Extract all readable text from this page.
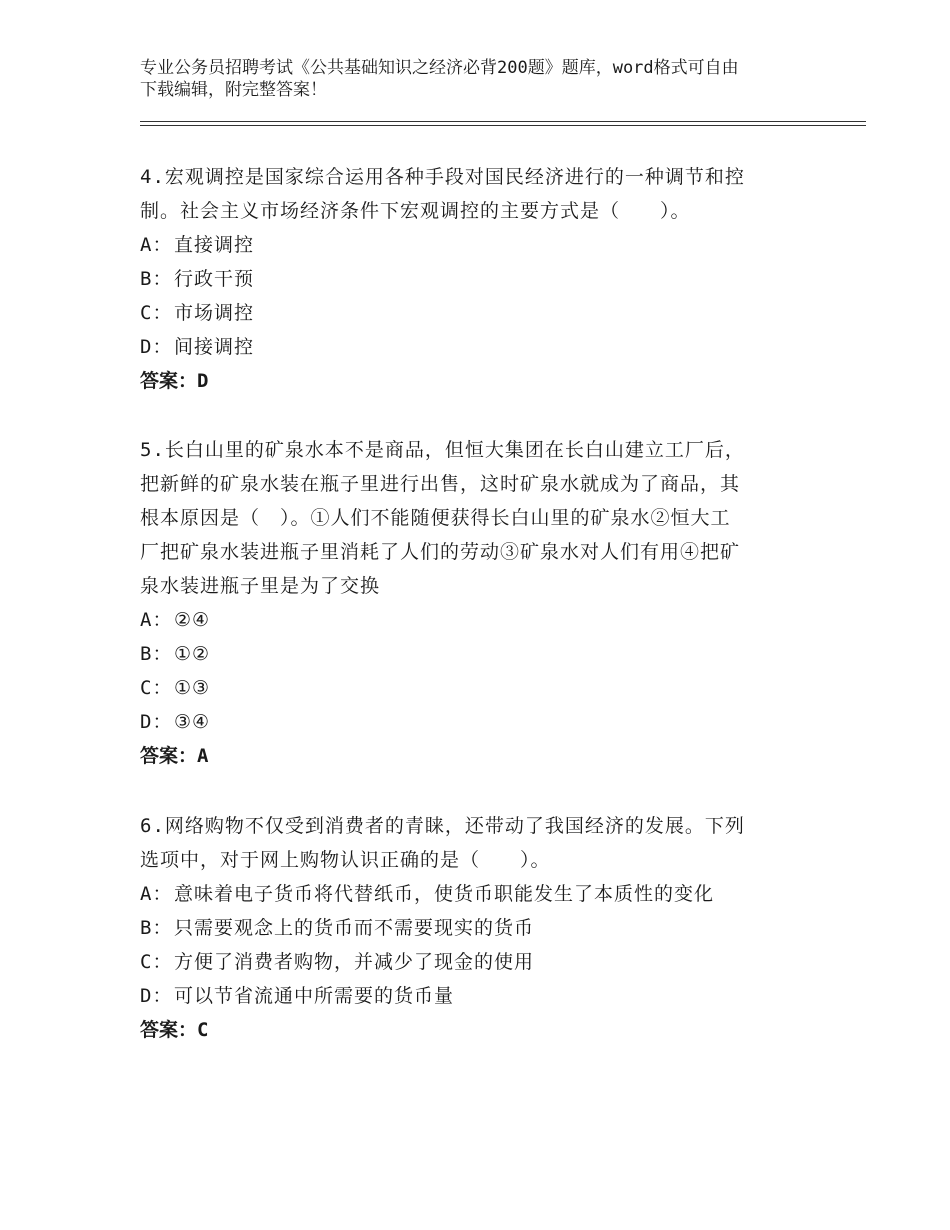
专业公务员招聘考试《公共基础知识之经济必背200题》题库，word格式可自由
下载编辑，附完整答案！
4.宏观调控是国家综合运用各种手段对国民经济进行的一种调节和控
制。社会主义市场经济条件下宏观调控的主要方式是（　　）。
A：直接调控
B：行政干预
C：市场调控
D：间接调控
答案：D
5.长白山里的矿泉水本不是商品，但恒大集团在长白山建立工厂后，
把新鲜的矿泉水装在瓶子里进行出售，这时矿泉水就成为了商品，其
根本原因是（　）。①人们不能随便获得长白山里的矿泉水②恒大工
厂把矿泉水装进瓶子里消耗了人们的劳动③矿泉水对人们有用④把矿
泉水装进瓶子里是为了交换
A：②④
B：①②
C：①③
D：③④
答案：A
6.网络购物不仅受到消费者的青睐，还带动了我国经济的发展。下列
选项中，对于网上购物认识正确的是（　　）。
A：意味着电子货币将代替纸币，使货币职能发生了本质性的变化
B：只需要观念上的货币而不需要现实的货币
C：方便了消费者购物，并减少了现金的使用
D：可以节省流通中所需要的货币量
答案：C
